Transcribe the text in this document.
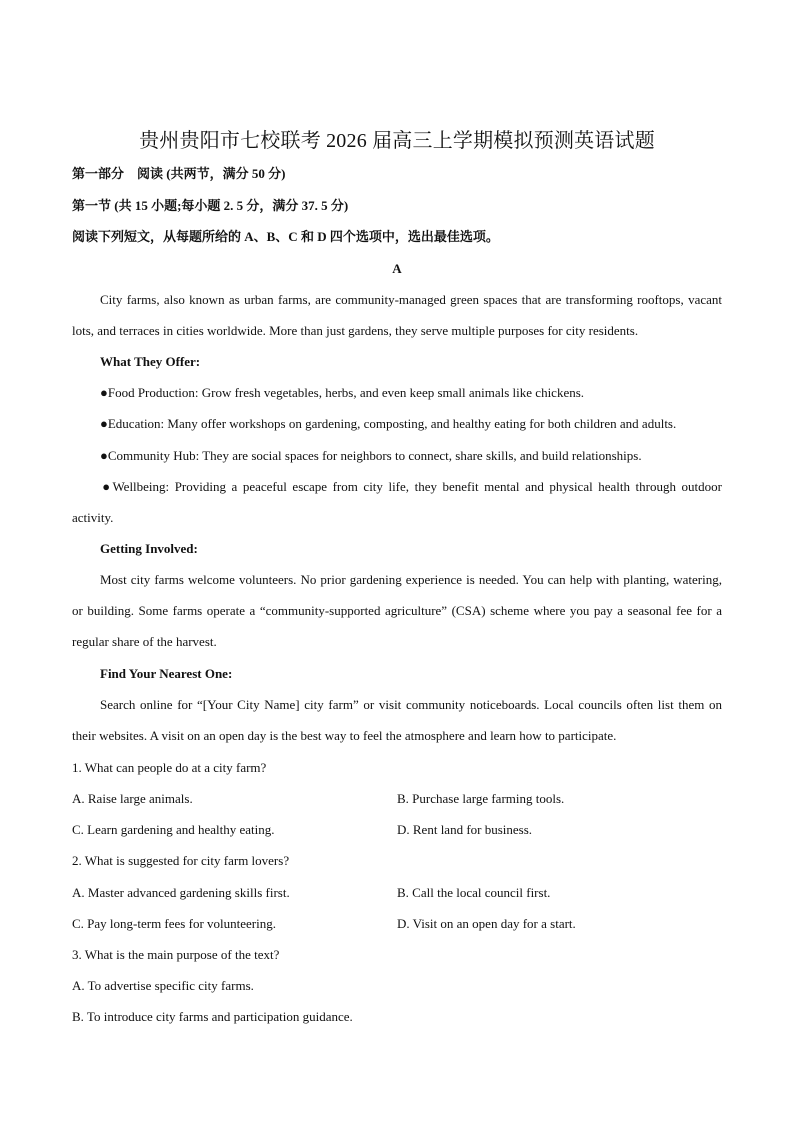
贵州贵阳市七校联考 2026 届高三上学期模拟预测英语试题
第一部分　阅读 (共两节，满分 50 分)
第一节 (共 15 小题;每小题 2. 5 分，满分 37. 5 分)
阅读下列短文，从每题所给的 A、B、C 和 D 四个选项中，选出最佳选项。
A
City farms, also known as urban farms, are community-managed green spaces that are transforming rooftops, vacant lots, and terraces in cities worldwide. More than just gardens, they serve multiple purposes for city residents.
What They Offer:
●Food Production: Grow fresh vegetables, herbs, and even keep small animals like chickens.
●Education: Many offer workshops on gardening, composting, and healthy eating for both children and adults.
●Community Hub: They are social spaces for neighbors to connect, share skills, and build relationships.
●Wellbeing: Providing a peaceful escape from city life, they benefit mental and physical health through outdoor activity.
Getting Involved:
Most city farms welcome volunteers. No prior gardening experience is needed. You can help with planting, watering, or building. Some farms operate a “community-supported agriculture” (CSA) scheme where you pay a seasonal fee for a regular share of the harvest.
Find Your Nearest One:
Search online for “[Your City Name] city farm” or visit community noticeboards. Local councils often list them on their websites. A visit on an open day is the best way to feel the atmosphere and learn how to participate.
1. What can people do at a city farm?
A. Raise large animals.	B. Purchase large farming tools.
C. Learn gardening and healthy eating.	D. Rent land for business.
2. What is suggested for city farm lovers?
A. Master advanced gardening skills first.	B. Call the local council first.
C. Pay long-term fees for volunteering.	D. Visit on an open day for a start.
3. What is the main purpose of the text?
A. To advertise specific city farms.
B. To introduce city farms and participation guidance.
